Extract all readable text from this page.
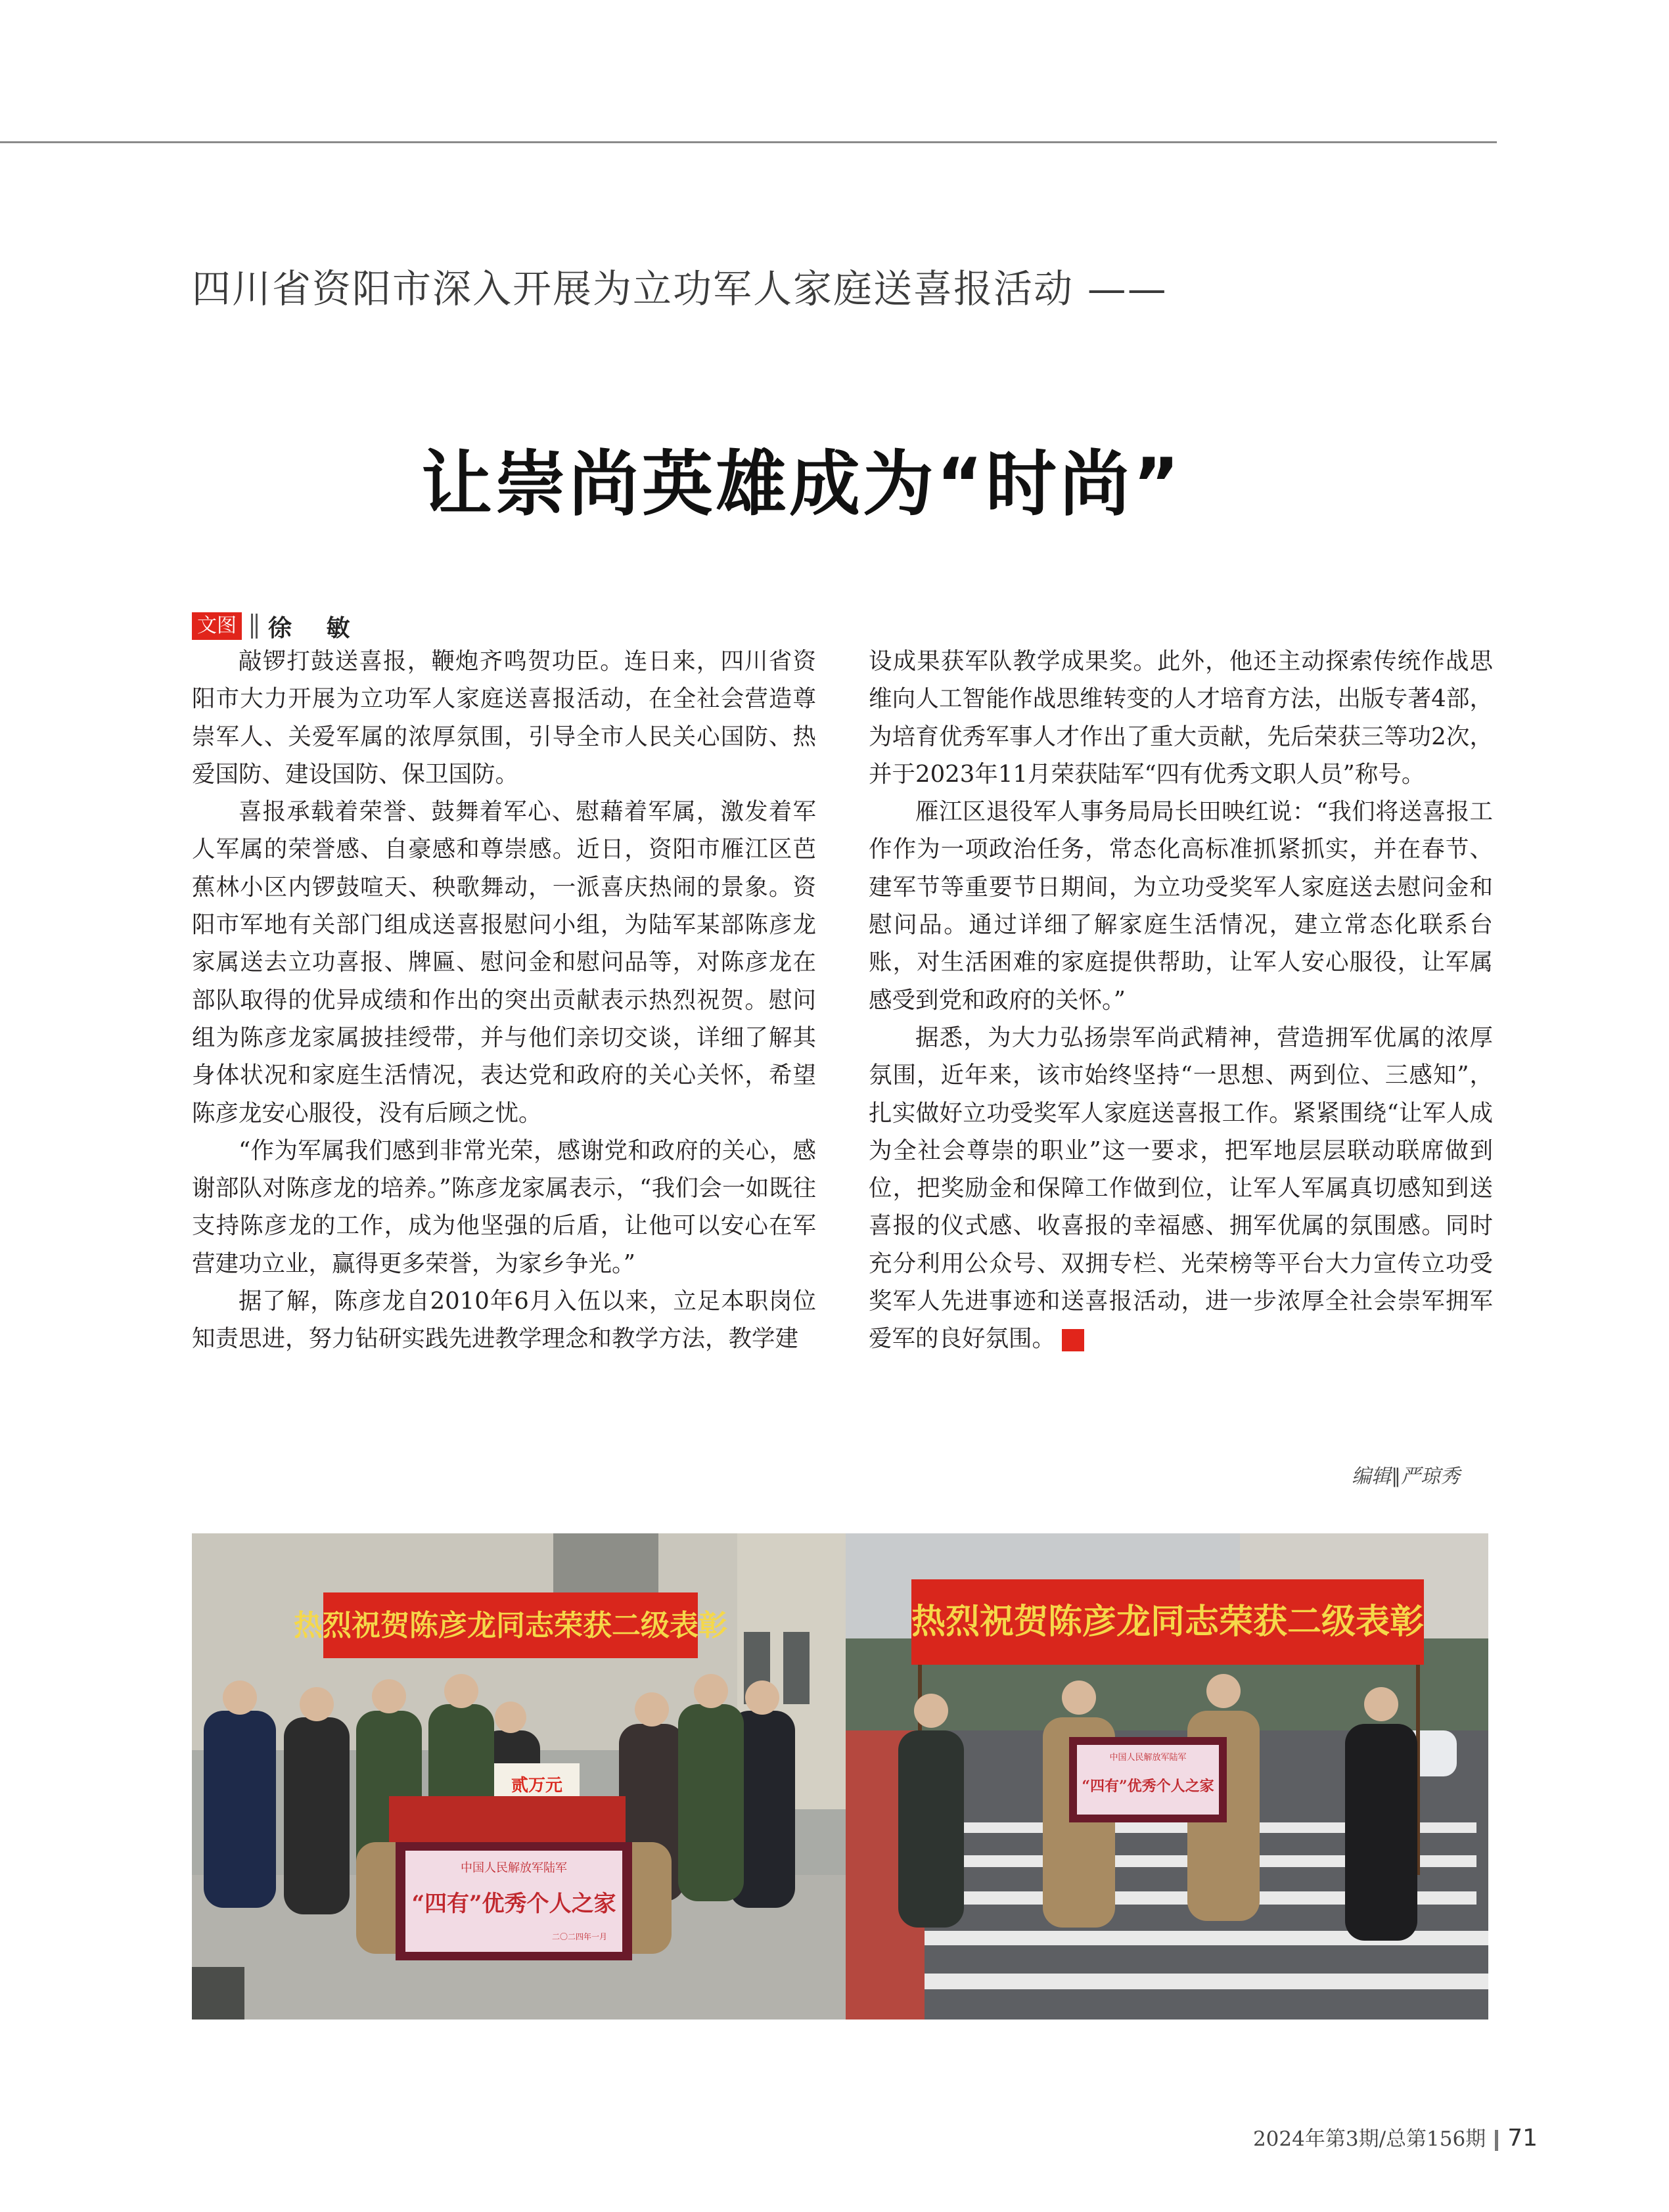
四川省资阳市深入开展为立功军人家庭送喜报活动 ——
让崇尚英雄成为“时尚”
文图 徐 敏

敲锣打鼓送喜报，鞭炮齐鸣贺功臣。连日来，四川省资阳市大力开展为立功军人家庭送喜报活动，在全社会营造尊崇军人、关爱军属的浓厚氛围，引导全市人民关心国防、热爱国防、建设国防、保卫国防。

喜报承载着荣誉、鼓舞着军心、慰藉着军属，激发着军人军属的荣誉感、自豪感和尊崇感。近日，资阳市雁江区芭蕉林小区内锣鼓喧天、秧歌舞动，一派喜庆热闹的景象。资阳市军地有关部门组成送喜报慰问小组，为陆军某部陈彦龙家属送去立功喜报、牌匾、慰问金和慰问品等，对陈彦龙在部队取得的优异成绩和作出的突出贡献表示热烈祝贺。慰问组为陈彦龙家属披挂绶带，并与他们亲切交谈，详细了解其身体状况和家庭生活情况，表达党和政府的关心关怀，希望陈彦龙安心服役，没有后顾之忧。

“作为军属我们感到非常光荣，感谢党和政府的关心，感谢部队对陈彦龙的培养。”陈彦龙家属表示，“我们会一如既往支持陈彦龙的工作，成为他坚强的后盾，让他可以安心在军营建功立业，赢得更多荣誉，为家乡争光。”

据了解，陈彦龙自2010年6月入伍以来，立足本职岗位知责思进，努力钻研实践先进教学理念和教学方法，教学建

设成果获军队教学成果奖。此外，他还主动探索传统作战思维向人工智能作战思维转变的人才培育方法，出版专著4部，为培育优秀军事人才作出了重大贡献，先后荣获三等功2次，并于2023年11月荣获陆军“四有优秀文职人员”称号。

雁江区退役军人事务局局长田映红说：“我们将送喜报工作作为一项政治任务，常态化高标准抓紧抓实，并在春节、建军节等重要节日期间，为立功受奖军人家庭送去慰问金和慰问品。通过详细了解家庭生活情况，建立常态化联系台账，对生活困难的家庭提供帮助，让军人安心服役，让军属感受到党和政府的关怀。”

据悉，为大力弘扬崇军尚武精神，营造拥军优属的浓厚氛围，近年来，该市始终坚持“一思想、两到位、三感知”，扎实做好立功受奖军人家庭送喜报工作。紧紧围绕“让军人成为全社会尊崇的职业”这一要求，把军地层层联动联席做到位，把奖励金和保障工作做到位，让军人军属真切感知到送喜报的仪式感、收喜报的幸福感、拥军优属的氛围感。同时充分利用公众号、双拥专栏、光荣榜等平台大力宣传立功受奖军人先进事迹和送喜报活动，进一步浓厚全社会崇军拥军爱军的良好氛围。	G

编辑∥严琼秀
热烈祝贺陈彦龙同志荣获二级表彰
贰万元
中国人民解放军陆军
“四有”优秀个人之家
二〇二四年一月
热烈祝贺陈彦龙同志荣获二级表彰
中国人民解放军陆军
“四有”优秀个人之家
2024年第3期/总第156期 71
